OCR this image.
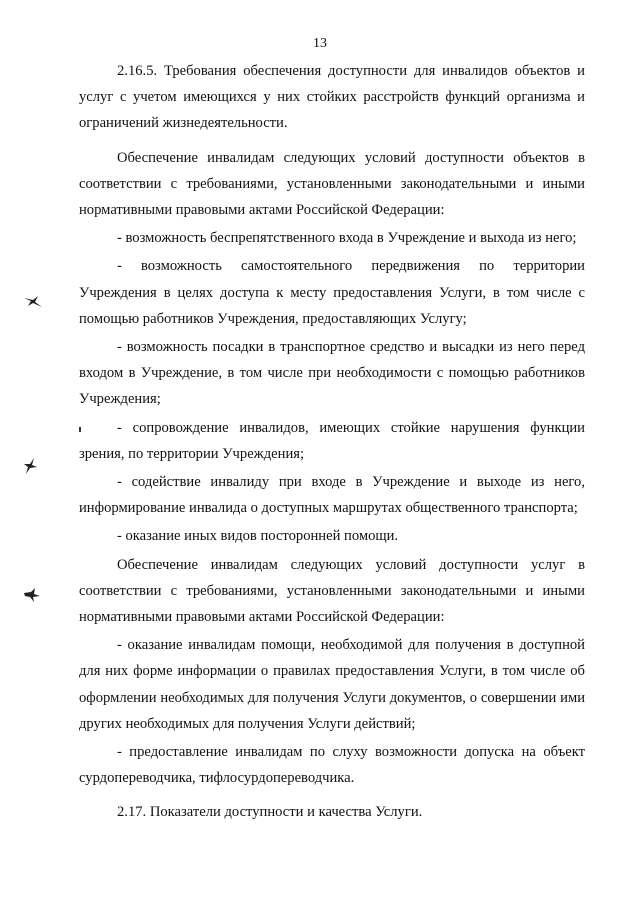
13

2.16.5. Требования обеспечения доступности для инвалидов объектов и услуг с учетом имеющихся у них стойких расстройств функций организма и ограничений жизнедеятельности.

Обеспечение инвалидам следующих условий доступности объектов в соответствии с требованиями, установленными законодательными и иными нормативными правовыми актами Российской Федерации:

- возможность беспрепятственного входа в Учреждение и выхода из него;

- возможность самостоятельного передвижения по территории Учреждения в целях доступа к месту предоставления Услуги, в том числе с помощью работников Учреждения, предоставляющих Услугу;

- возможность посадки в транспортное средство и высадки из него перед входом в Учреждение, в том числе при необходимости с помощью работников Учреждения;

- сопровождение инвалидов, имеющих стойкие нарушения функции зрения, по территории Учреждения;

- содействие инвалиду при входе в Учреждение и выходе из него, информирование инвалида о доступных маршрутах общественного транспорта;

- оказание иных видов посторонней помощи.

Обеспечение инвалидам следующих условий доступности услуг в соответствии с требованиями, установленными законодательными и иными нормативными правовыми актами Российской Федерации:

- оказание инвалидам помощи, необходимой для получения в доступной для них форме информации о правилах предоставления Услуги, в том числе об оформлении необходимых для получения Услуги документов, о совершении ими других необходимых для получения Услуги действий;

- предоставление инвалидам по слуху возможности допуска на объект сурдопереводчика, тифлосурдопереводчика.

2.17. Показатели доступности и качества Услуги.
